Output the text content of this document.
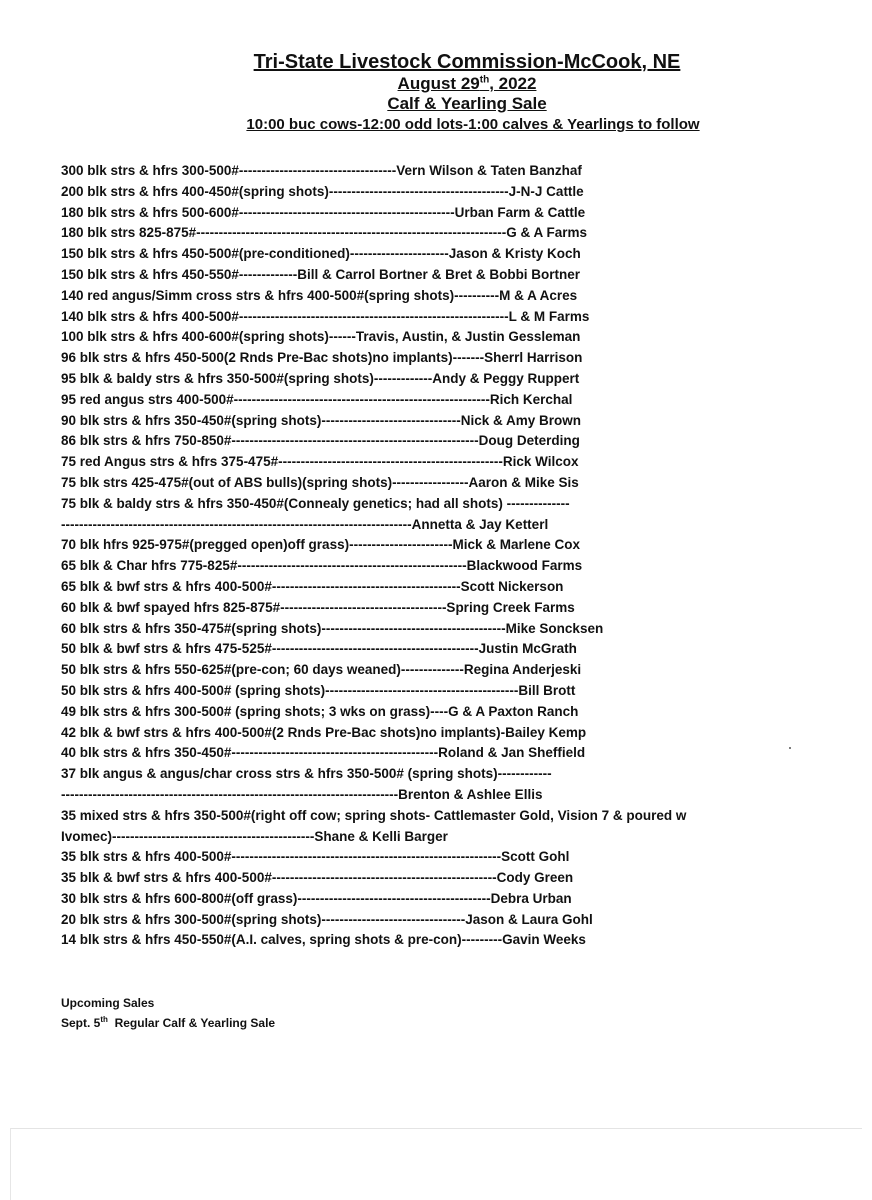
Tri-State Livestock Commission-McCook, NE
August 29th, 2022
Calf & Yearling Sale
10:00 buc cows-12:00 odd lots-1:00 calves & Yearlings to follow
300 blk strs & hfrs 300-500#-----------------------------------Vern Wilson & Taten Banzhaf
200 blk strs & hfrs 400-450#(spring shots)----------------------------------------J-N-J Cattle
180 blk strs & hfrs 500-600#------------------------------------------------Urban Farm & Cattle
180 blk strs 825-875#---------------------------------------------------------------------G & A Farms
150 blk strs & hfrs 450-500#(pre-conditioned)----------------------Jason & Kristy Koch
150 blk strs & hfrs 450-550#-------------Bill & Carrol Bortner & Bret & Bobbi Bortner
140 red angus/Simm cross strs & hfrs 400-500#(spring shots)----------M & A Acres
140 blk strs & hfrs 400-500#------------------------------------------------------------L & M Farms
100 blk strs & hfrs 400-600#(spring shots)------Travis, Austin, & Justin Gessleman
96 blk strs & hfrs 450-500(2 Rnds Pre-Bac shots)no implants)-------Sherrl Harrison
95 blk & baldy strs & hfrs 350-500#(spring shots)-------------Andy & Peggy Ruppert
95 red angus strs 400-500#---------------------------------------------------------Rich Kerchal
90 blk strs & hfrs 350-450#(spring shots)-------------------------------Nick & Amy Brown
86 blk strs & hfrs 750-850#-------------------------------------------------------Doug Deterding
75 red Angus strs & hfrs 375-475#--------------------------------------------------Rick Wilcox
75 blk strs 425-475#(out of ABS bulls)(spring shots)-----------------Aaron & Mike Sis
75 blk & baldy strs & hfrs 350-450#(Connealy genetics; had all shots) --------------
------------------------------------------------------------------------------Annetta & Jay Ketterl
70 blk hfrs 925-975#(pregged open)off grass)-----------------------Mick & Marlene Cox
65 blk & Char hfrs 775-825#---------------------------------------------------Blackwood Farms
65 blk & bwf strs & hfrs 400-500#------------------------------------------Scott Nickerson
60 blk & bwf spayed hfrs 825-875#-------------------------------------Spring Creek Farms
60 blk strs & hfrs 350-475#(spring shots)-----------------------------------------Mike Soncksen
50 blk & bwf strs & hfrs 475-525#----------------------------------------------Justin McGrath
50 blk strs & hfrs 550-625#(pre-con; 60 days weaned)--------------Regina Anderjeski
50 blk strs & hfrs 400-500# (spring shots)-------------------------------------------Bill Brott
49 blk strs & hfrs 300-500# (spring shots; 3 wks on grass)----G & A Paxton Ranch
42 blk & bwf strs & hfrs 400-500#(2 Rnds Pre-Bac shots)no implants)-Bailey Kemp
40 blk strs & hfrs 350-450#----------------------------------------------Roland & Jan Sheffield
37 blk angus & angus/char cross strs & hfrs 350-500# (spring shots)------------
---------------------------------------------------------------------------Brenton & Ashlee Ellis
35 mixed strs & hfrs 350-500#(right off cow; spring shots- Cattlemaster Gold, Vision 7 & poured w
Ivomec)---------------------------------------------Shane & Kelli Barger
35 blk strs & hfrs 400-500#------------------------------------------------------------Scott Gohl
35 blk & bwf strs & hfrs 400-500#--------------------------------------------------Cody Green
30 blk strs & hfrs 600-800#(off grass)-------------------------------------------Debra Urban
20 blk strs & hfrs 300-500#(spring shots)--------------------------------Jason & Laura Gohl
14 blk strs & hfrs 450-550#(A.I. calves, spring shots & pre-con)---------Gavin Weeks
Upcoming Sales
Sept. 5th  Regular Calf & Yearling Sale
